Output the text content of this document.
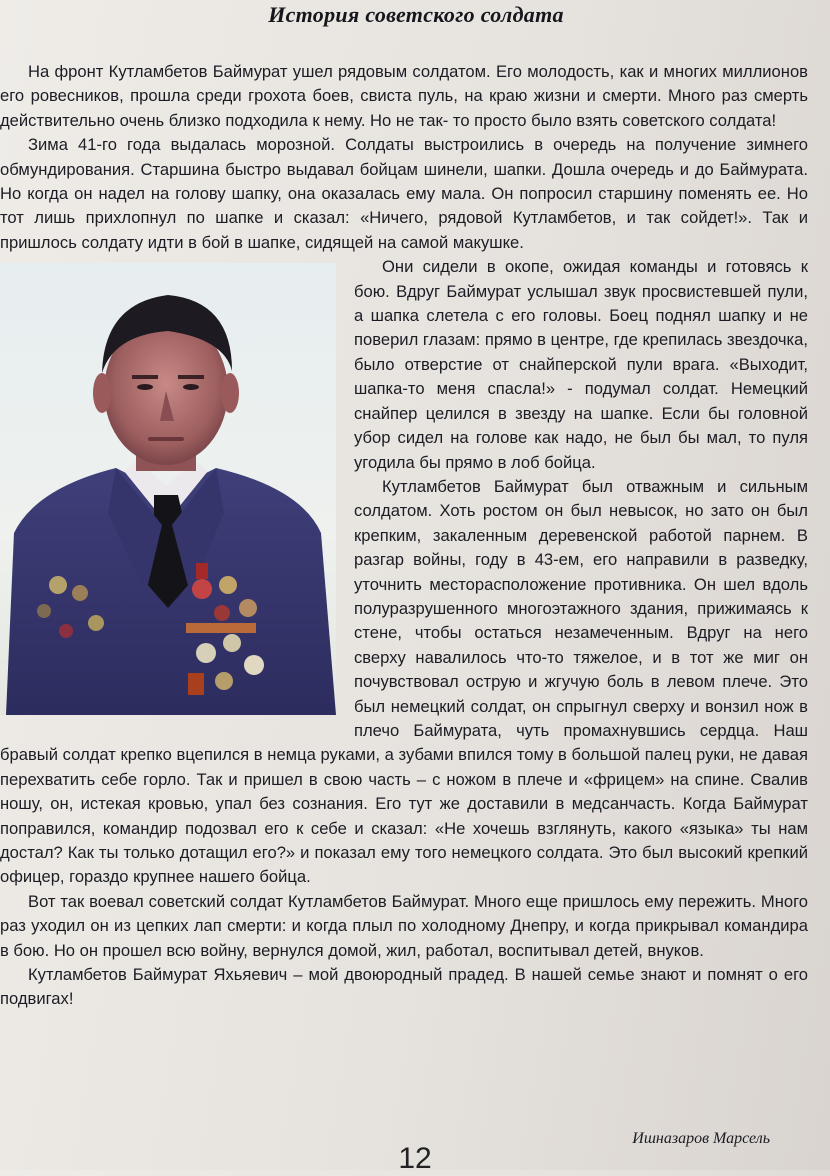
История советского солдата

На фронт Кутламбетов Баймурат ушел рядовым солдатом. Его молодость, как и многих миллионов его ровесников, прошла среди грохота боев, свиста пуль, на краю жизни и смерти. Много раз смерть действительно очень близко подходила к нему. Но не так- то просто было взять советского солдата!

Зима 41-го года выдалась морозной. Солдаты выстроились в очередь на получение зимнего обмундирования. Старшина быстро выдавал бойцам шинели, шапки. Дошла очередь и до Баймурата. Но когда он надел на голову шапку, она оказалась ему мала. Он попросил старшину поменять ее. Но тот лишь прихлопнул по шапке и сказал: «Ничего, рядовой Кутламбетов, и так сойдет!». Так и пришлось солдату идти в бой в шапке, сидящей на самой макушке.

Они сидели в окопе, ожидая команды и готовясь к бою. Вдруг Баймурат услышал звук просвистевшей пули, а шапка слетела с его головы. Боец поднял шапку и не поверил глазам: прямо в центре, где крепилась звездочка, было отверстие от снайперской пули врага. «Выходит, шапка-то меня спасла!» - подумал солдат. Немецкий снайпер целился в звезду на шапке. Если бы головной убор сидел на голове как надо, не был бы мал, то пуля угодила бы прямо в лоб бойца.

Кутламбетов Баймурат был отважным и сильным солдатом. Хоть ростом он был невысок, но зато он был крепким, закаленным деревенской работой парнем. В разгар войны, году в 43-ем, его направили в разведку, уточнить месторасположение противника. Он шел вдоль полуразрушенного многоэтажного здания, прижимаясь к стене, чтобы остаться незамеченным. Вдруг на него сверху навалилось что-то тяжелое, и в тот же миг он почувствовал острую и жгучую боль в левом плече. Это был немецкий солдат, он спрыгнул сверху и вонзил нож в плечо Баймурата, чуть промахнувшись сердца. Наш бравый солдат крепко вцепился в немца руками, а зубами впился тому в большой палец руки, не давая перехватить себе горло. Так и пришел в свою часть – с ножом в плече и «фрицем» на спине. Свалив ношу, он, истекая кровью, упал без сознания. Его тут же доставили в медсанчасть. Когда Баймурат поправился, командир подозвал его к себе и сказал: «Не хочешь взглянуть, какого «языка» ты нам достал? Как ты только дотащил его?» и показал ему того немецкого солдата. Это был высокий крепкий офицер, гораздо крупнее нашего бойца.

Вот так воевал советский солдат Кутламбетов Баймурат. Много еще пришлось ему пережить. Много раз уходил он из цепких лап смерти: и когда плыл по холодному Днепру, и когда прикрывал командира в бою. Но он прошел всю войну, вернулся домой, жил, работал, воспитывал детей, внуков.

Кутламбетов Баймурат Яхьяевич – мой двоюродный прадед. В нашей семье знают и помнят о его подвигах!

Ишназаров Марсель
12
